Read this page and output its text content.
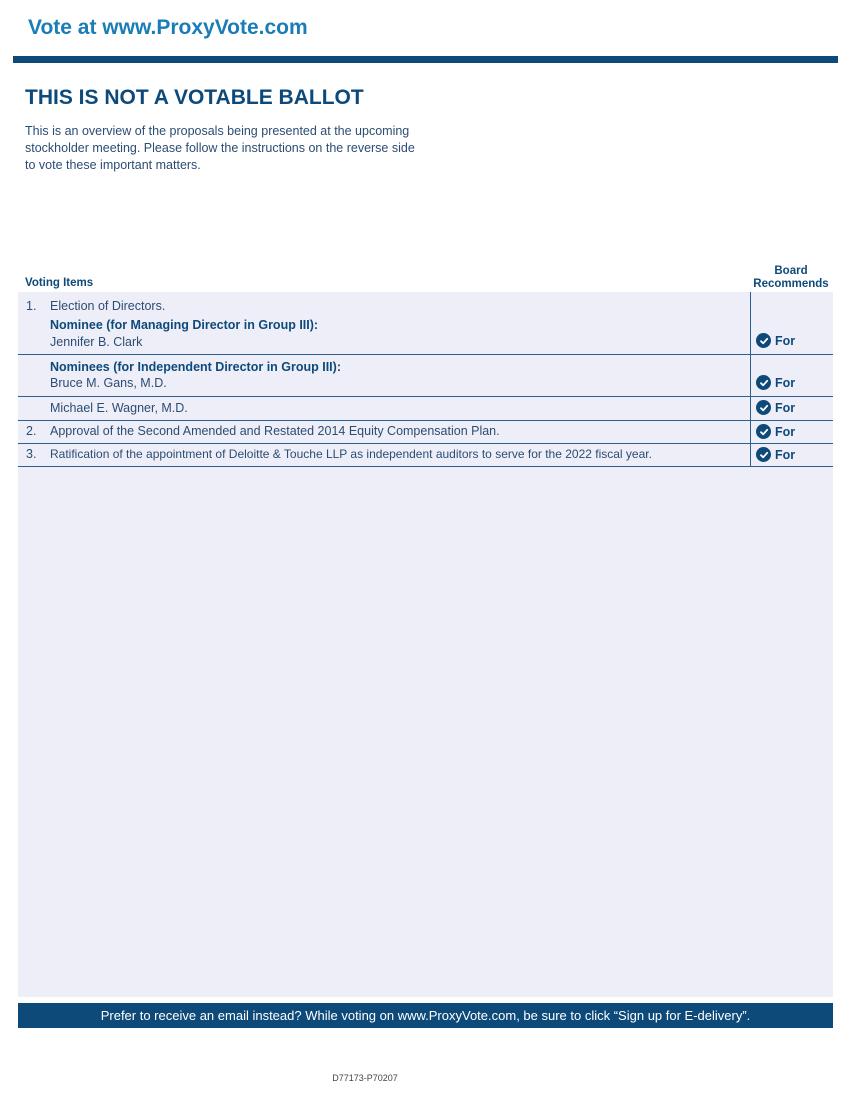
Vote at www.ProxyVote.com
THIS IS NOT A VOTABLE BALLOT

This is an overview of the proposals being presented at the upcoming stockholder meeting. Please follow the instructions on the reverse side to vote these important matters.

Voting Items
Board
Recommends
1. Election of Directors.
Nominee (for Managing Director in Group III):
Jennifer B. Clark	For
Nominees (for Independent Director in Group III):
Bruce M. Gans, M.D.	For
Michael E. Wagner, M.D.	For
2. Approval of the Second Amended and Restated 2014 Equity Compensation Plan.	For
3. Ratification of the appointment of Deloitte & Touche LLP as independent auditors to serve for the 2022 fiscal year.	For
Prefer to receive an email instead? While voting on www.ProxyVote.com, be sure to click “Sign up for E-delivery”.
D77173-P70207
